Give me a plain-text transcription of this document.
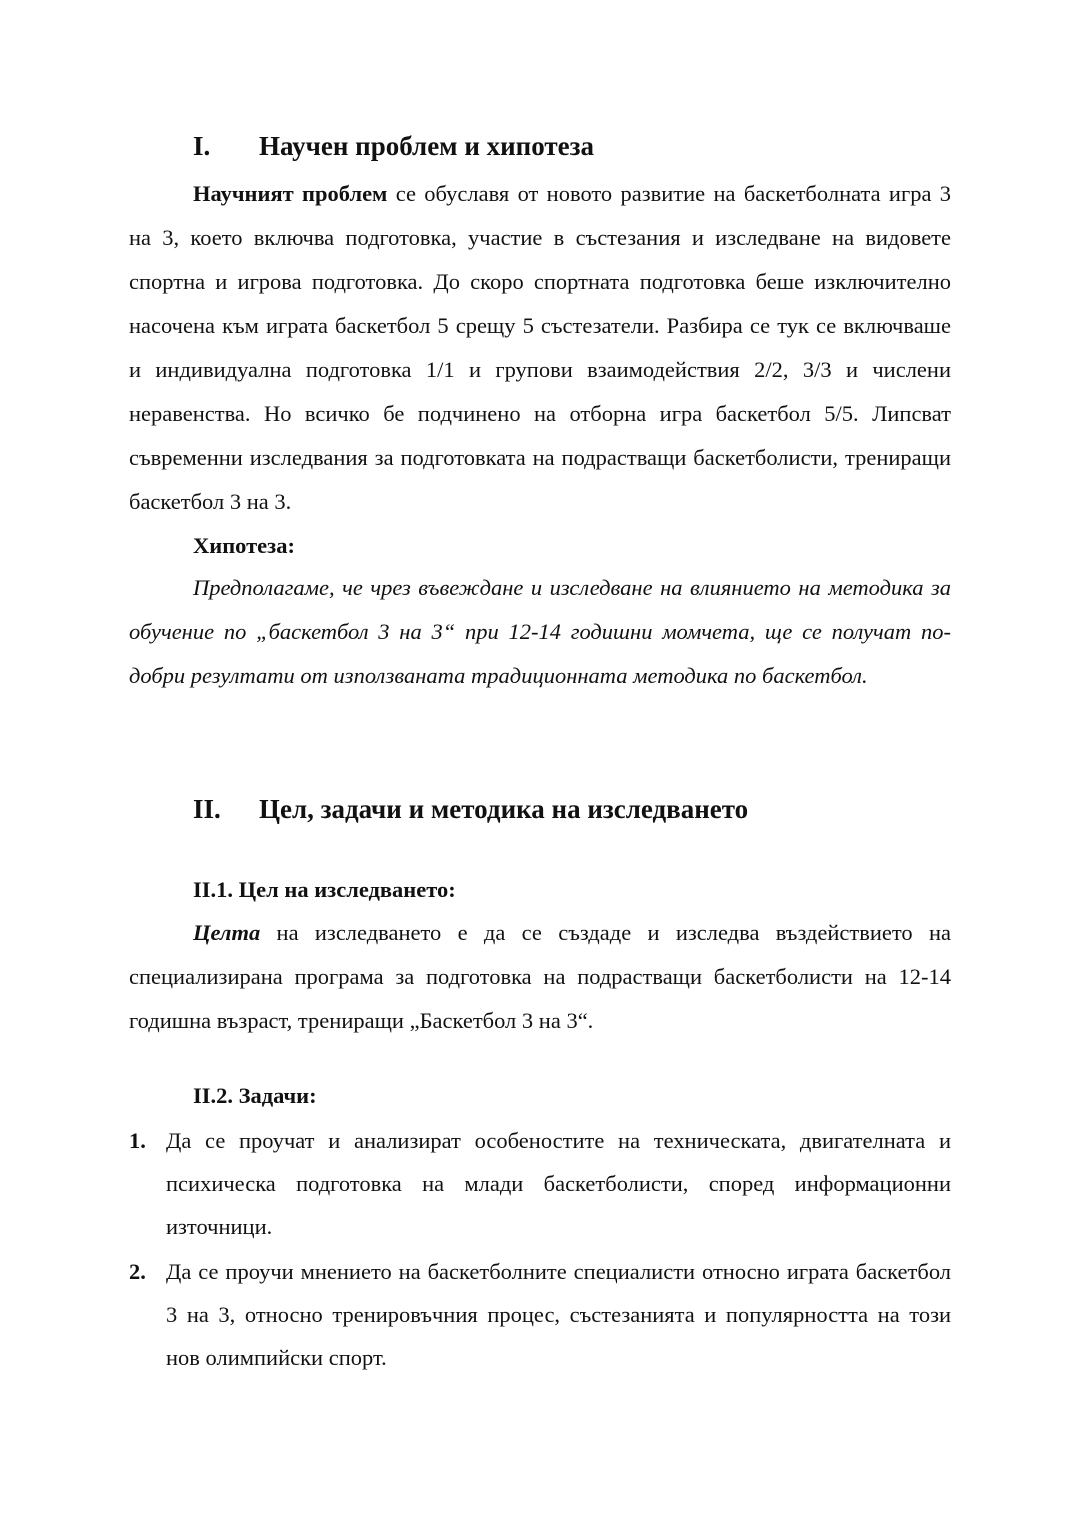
I. Научен проблем и хипотеза

Научният проблем се обуславя от новото развитие на баскетболната игра 3 на 3, което включва подготовка, участие в състезания и изследване на видовете спортна и игрова подготовка. До скоро спортната подготовка беше изключително насочена към играта баскетбол 5 срещу 5 състезатели. Разбира се тук се включваше и индивидуална подготовка 1/1 и групови взаимодействия 2/2, 3/3 и числени неравенства. Но всичко бе подчинено на отборна игра баскетбол 5/5. Липсват съвременни изследвания за подготовката на подрастващи баскетболисти, трениращи баскетбол 3 на 3.

Хипотеза:

Предполагаме, че чрез въвеждане и изследване на влиянието на методика за обучение по „баскетбол 3 на 3“ при 12-14 годишни момчета, ще се получат по-добри резултати от използваната традиционната методика по баскетбол.

II. Цел, задачи и методика на изследването
II.1. Цел на изследването:

Целта на изследването е да се създаде и изследва въздействието на специализирана програма за подготовка на подрастващи баскетболисти на 12-14 годишна възраст, трениращи „Баскетбол 3 на 3“.

II.2. Задачи:
1. Да се проучат и анализират особеностите на техническата, двигателната и психическа подготовка на млади баскетболисти, според информационни източници.
2. Да се проучи мнението на баскетболните специалисти относно играта баскетбол 3 на 3, относно тренировъчния процес, състезанията и популярността на този нов олимпийски спорт.
